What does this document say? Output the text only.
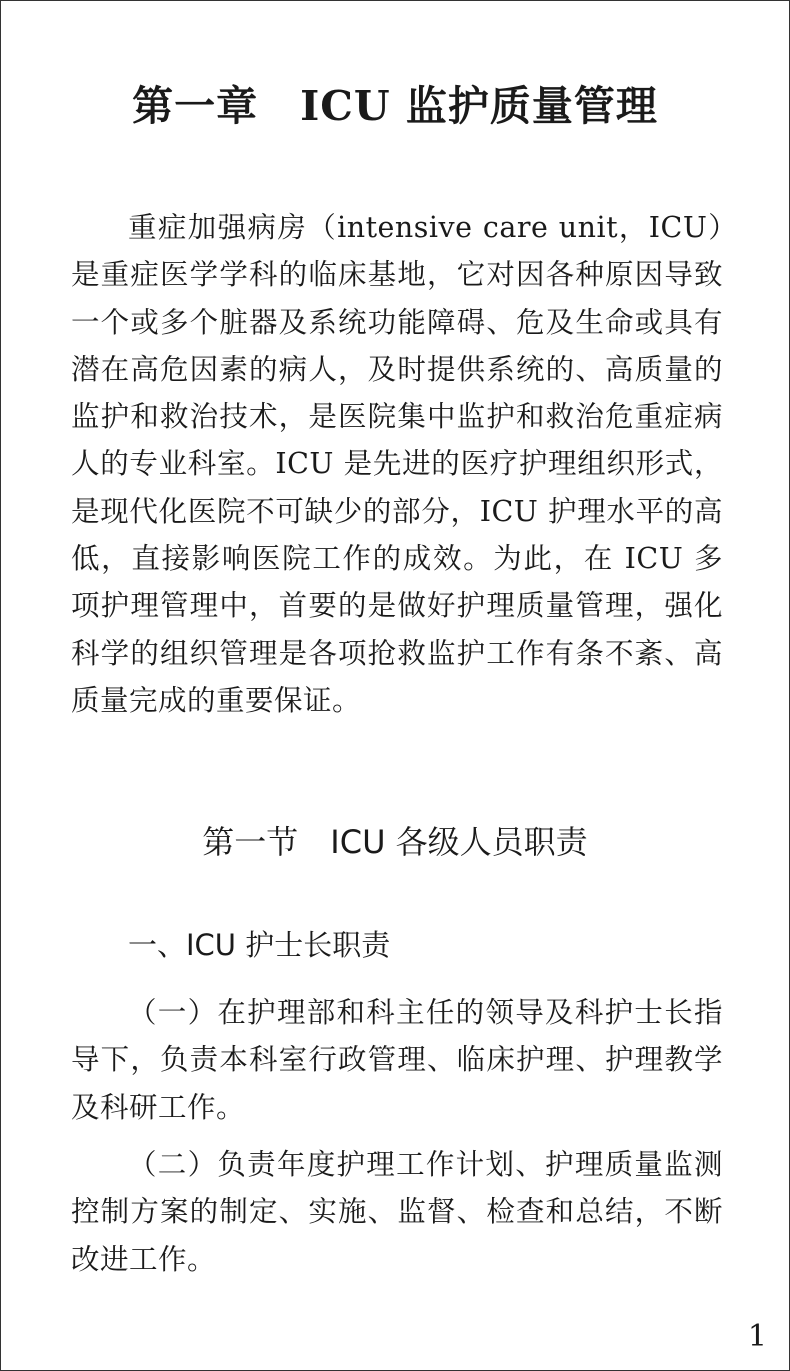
第一章　ICU 监护质量管理
重症加强病房（intensive care unit，ICU）是重症医学学科的临床基地，它对因各种原因导致一个或多个脏器及系统功能障碍、危及生命或具有潜在高危因素的病人，及时提供系统的、高质量的监护和救治技术，是医院集中监护和救治危重症病人的专业科室。ICU 是先进的医疗护理组织形式，是现代化医院不可缺少的部分，ICU 护理水平的高低，直接影响医院工作的成效。为此，在 ICU 多项护理管理中，首要的是做好护理质量管理，强化科学的组织管理是各项抢救监护工作有条不紊、高质量完成的重要保证。
第一节　ICU 各级人员职责
一、ICU 护士长职责
（一）在护理部和科主任的领导及科护士长指导下，负责本科室行政管理、临床护理、护理教学及科研工作。
（二）负责年度护理工作计划、护理质量监测控制方案的制定、实施、监督、检查和总结，不断改进工作。
1
